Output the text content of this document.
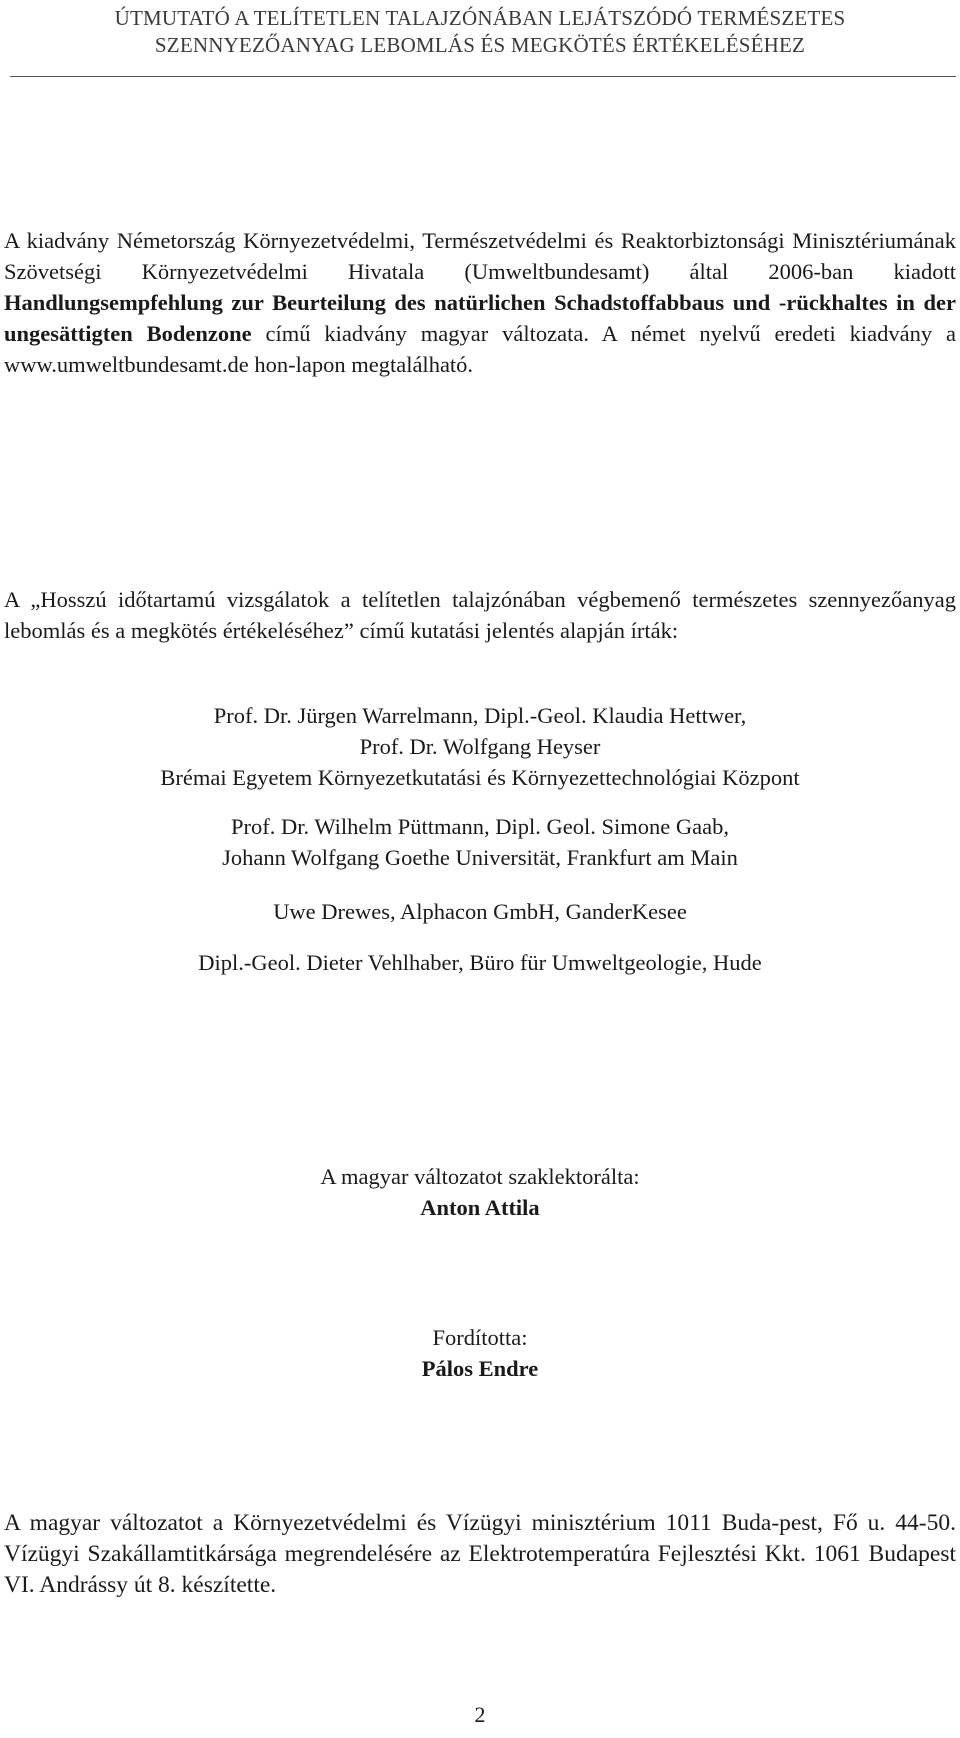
ÚTMUTATÓ A TELÍTETLEN TALAJZÓNÁBAN LEJÁTSZÓDÓ TERMÉSZETES
SZENNYEZŐANYAG LEBOMLÁS ÉS MEGKÖTÉS ÉRTÉKELÉSÉHEZ

A kiadvány Németország Környezetvédelmi, Természetvédelmi és Reaktorbiztonsági Minisztériumának Szövetségi Környezetvédelmi Hivatala (Umweltbundesamt) által 2006-ban kiadott Handlungsempfehlung zur Beurteilung des natürlichen Schadstoffabbaus und -rückhaltes in der ungesättigten Bodenzone című kiadvány magyar változata. A német nyelvű eredeti kiadvány a www.umweltbundesamt.de hon-lapon megtalálható.

A „Hosszú időtartamú vizsgálatok a telítetlen talajzónában végbemenő természetes szennyezőanyag lebomlás és a megkötés értékeléséhez” című kutatási jelentés alapján írták:

Prof. Dr. Jürgen Warrelmann, Dipl.-Geol. Klaudia Hettwer,
Prof. Dr. Wolfgang Heyser
Brémai Egyetem Környezetkutatási és Környezettechnológiai Központ
Prof. Dr. Wilhelm Püttmann, Dipl. Geol. Simone Gaab,
Johann Wolfgang Goethe Universität, Frankfurt am Main
Uwe Drewes, Alphacon GmbH, GanderKesee
Dipl.-Geol. Dieter Vehlhaber, Büro für Umweltgeologie, Hude
A magyar változatot szaklektorálta:
Anton Attila
Fordította:
Pálos Endre

A magyar változatot a Környezetvédelmi és Vízügyi minisztérium 1011 Buda-pest, Fő u. 44-50. Vízügyi Szakállamtitkársága megrendelésére az Elektrotemperatúra Fejlesztési Kkt. 1061 Budapest VI. Andrássy út 8. készítette.

2
